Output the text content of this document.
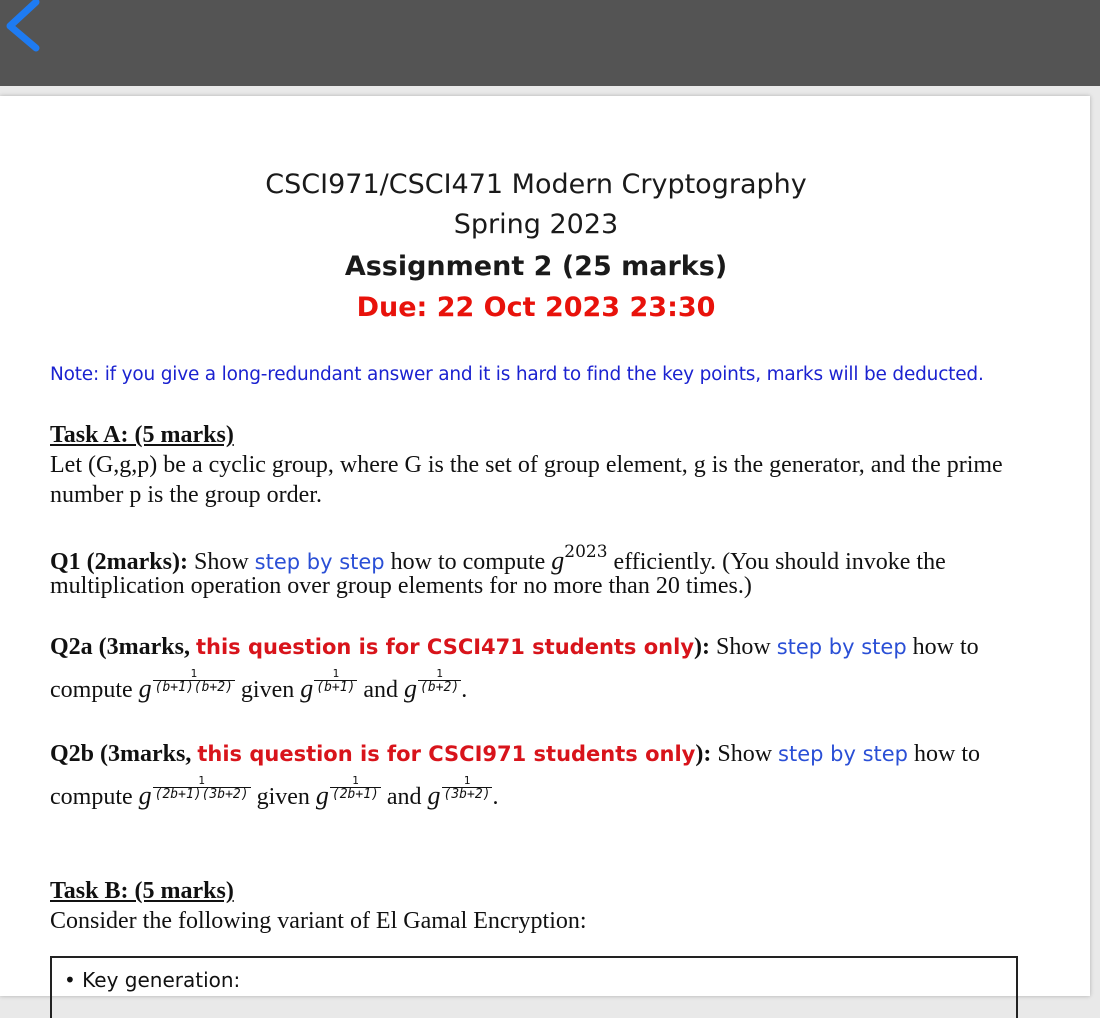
CSCI971/CSCI471 Modern Cryptography
Spring 2023
Assignment 2 (25 marks)
Due: 22 Oct 2023 23:30
Note: if you give a long-redundant answer and it is hard to find the key points, marks will be deducted.
Task A: (5 marks)
Let (G,g,p) be a cyclic group, where G is the set of group element, g is the generator, and the prime number p is the group order.
Q1 (2marks): Show step by step how to compute $g^{2023}$ efficiently. (You should invoke the
multiplication operation over group elements for no more than 20 times.)
Q2a (3marks, this question is for CSCI471 students only): Show step by step how to
compute g $\frac{1}{(b+1)(b+2)}$ given g $\frac{1}{(b+1)}$ and g $\frac{1}{(b+2)}$ .
Q2b (3marks, this question is for CSCI971 students only): Show step by step how to
compute g $\frac{1}{(2b+1)(3b+2)}$ given g $\frac{1}{(2b+1)}$ and g $\frac{1}{(3b+2)}$ .
Task B: (5 marks)
Consider the following variant of El Gamal Encryption:
• Key generation:
